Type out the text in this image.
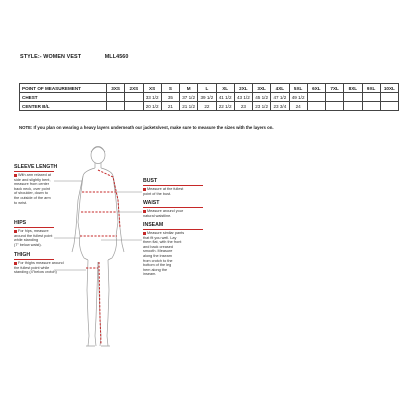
STYLE:- WOMEN VEST	MLL4560
POINT OF MEASUREMENT	3XS	2XS	XS	S	M	L	XL	2XL	3XL	4XL	5XL	6XL	7XL	8XL	9XL	10XL
CHEST			33 1/2	35	37 1/2	39 1/2	41 1/2	43 1/2	45 1/2	47 1/2	49 1/2					
CENTER B/L			20 1/2	21	21 1/2	22	22 1/2	23	23 1/2	23 3/4	24					
NOTE: If you plan on wearing a heavy layers underneath our jackets/vest, make sure to measure the sizes with the layers on.
SLEEVE LENGTH
With arm relaxed at
side and slightly bent,
measure from center
back neck, over point
of shoulder, down to
the outside of the arm
to wrist.
HIPS
For hips, measure
around the fullest point
while standing
(7" below waist).
THIGH
For thighs measure around
the fullest point while
standing (4"below crotch)
BUST
Measure at the fullest
point of the bust.
WAIST
Measure around your
natural waistline.
INSEAM
Measure similar pants
that fit you well. Lay
them flat, with the front
and back creased
smooth. Measure
along the inseam
from crotch to the
bottom of the leg
hem along the
inseam.
